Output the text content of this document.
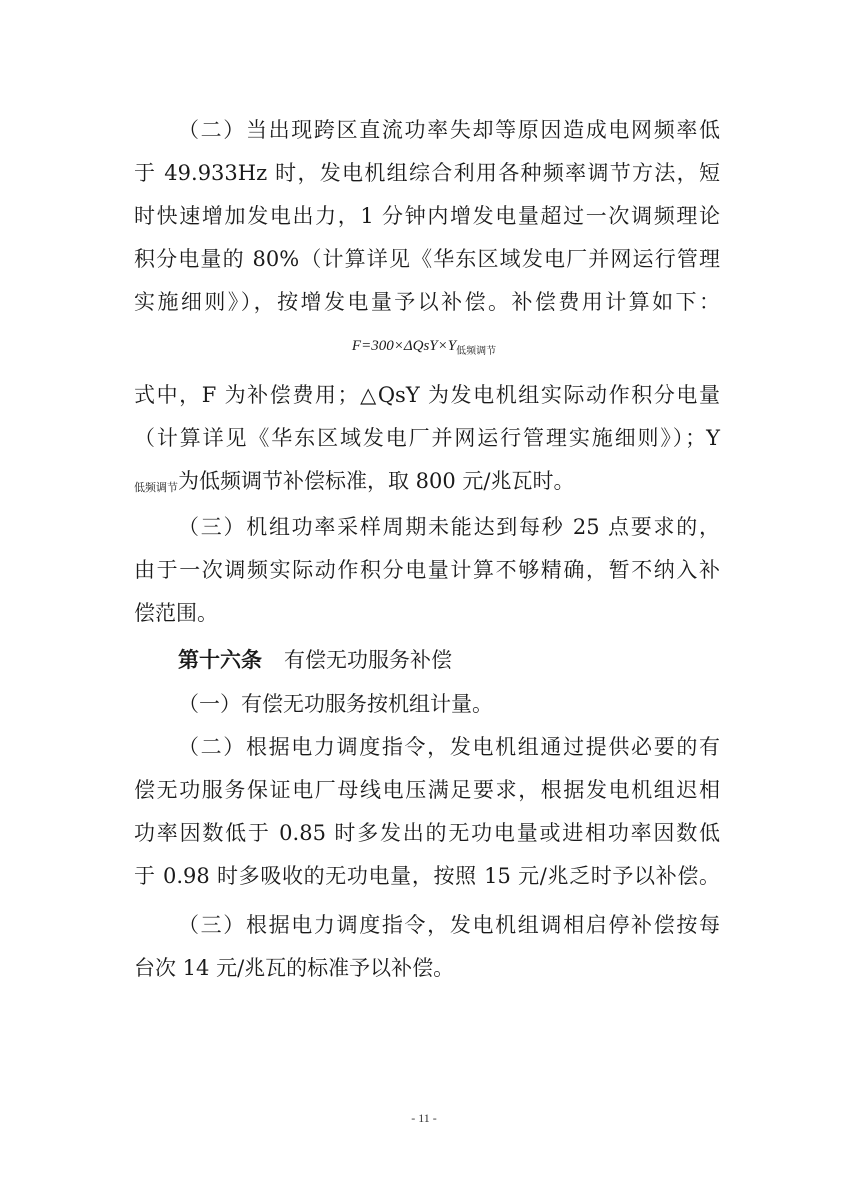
（二）当出现跨区直流功率失却等原因造成电网频率低
于 49.933Hz 时，发电机组综合利用各种频率调节方法，短
时快速增加发电出力，1 分钟内增发电量超过一次调频理论
积分电量的 80%（计算详见《华东区域发电厂并网运行管理
实施细则》），按增发电量予以补偿。补偿费用计算如下：
$F=300\times\Delta QsY\times Y_{低频调节}$
式中，F 为补偿费用；△QsY 为发电机组实际动作积分电量
（计算详见《华东区域发电厂并网运行管理实施细则》）；Y
低频调节为低频调节补偿标准，取 800 元/兆瓦时。
（三）机组功率采样周期未能达到每秒 25 点要求的，
由于一次调频实际动作积分电量计算不够精确，暂不纳入补
偿范围。
第十六条 有偿无功服务补偿
（一）有偿无功服务按机组计量。
（二）根据电力调度指令，发电机组通过提供必要的有
偿无功服务保证电厂母线电压满足要求，根据发电机组迟相
功率因数低于 0.85 时多发出的无功电量或进相功率因数低
于 0.98 时多吸收的无功电量，按照 15 元/兆乏时予以补偿。
（三）根据电力调度指令，发电机组调相启停补偿按每
台次 14 元/兆瓦的标准予以补偿。
- 11 -
